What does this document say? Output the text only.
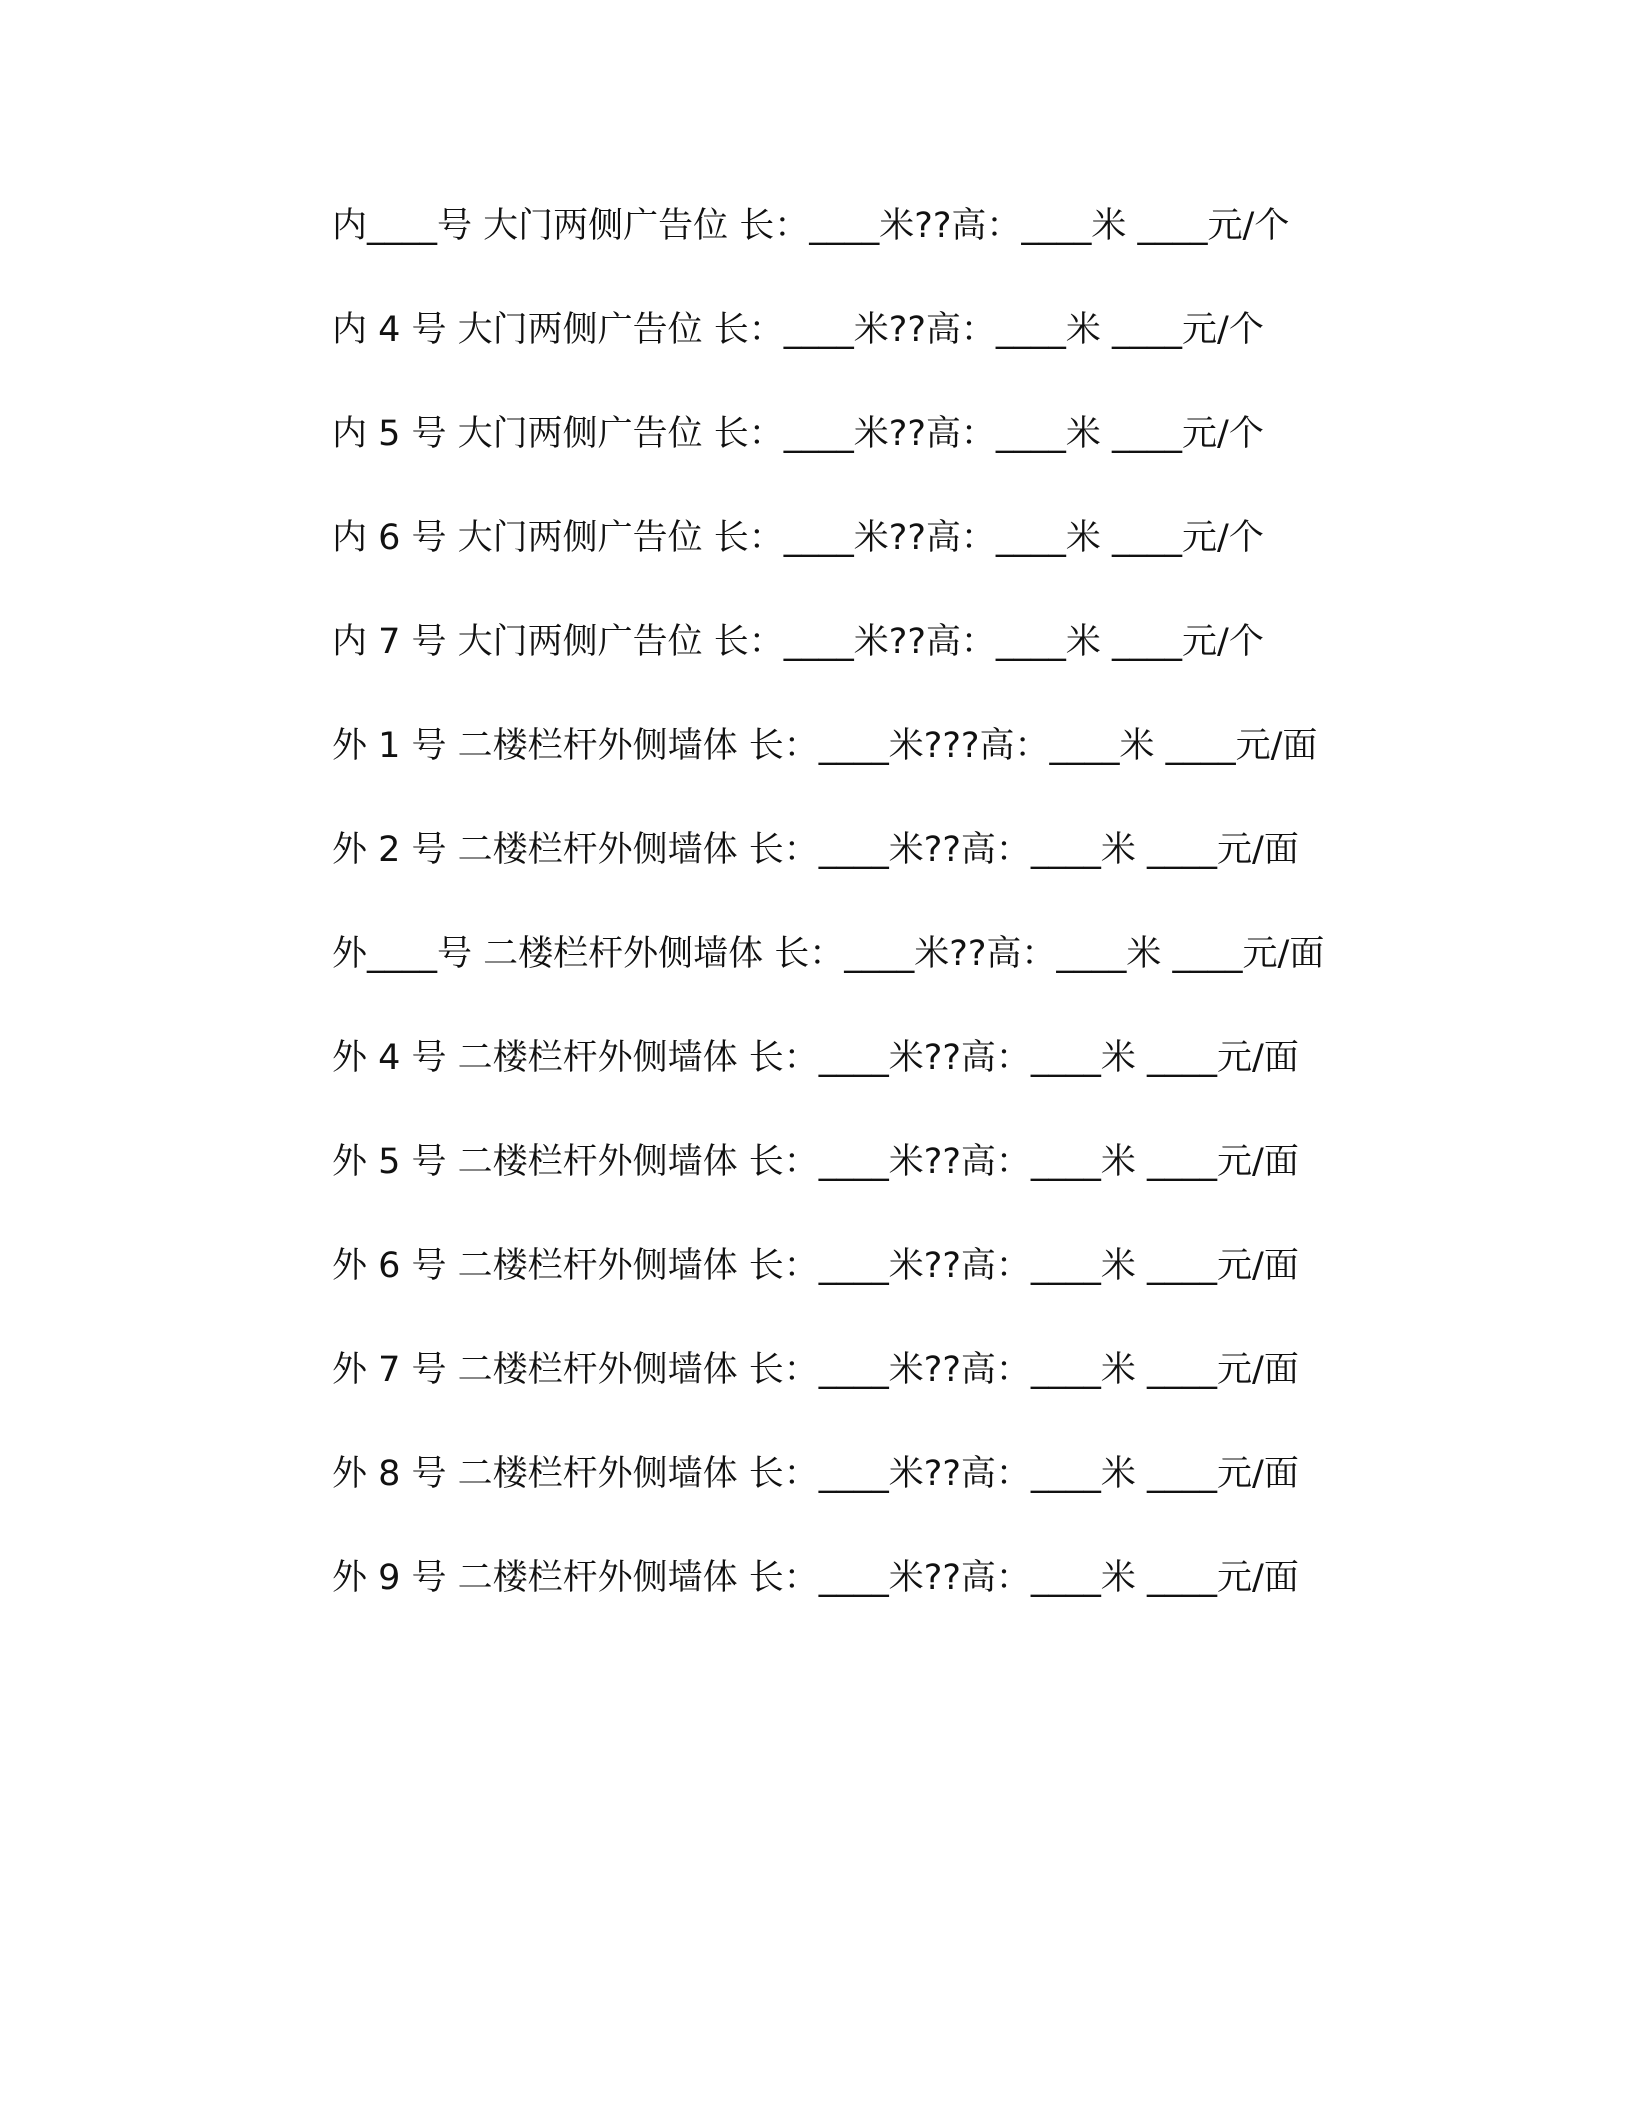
内____号 大门两侧广告位 长：____米??高：____米 ____元/个

内 4 号 大门两侧广告位 长：____米??高：____米 ____元/个

内 5 号 大门两侧广告位 长：____米??高：____米 ____元/个

内 6 号 大门两侧广告位 长：____米??高：____米 ____元/个

内 7 号 大门两侧广告位 长：____米??高：____米 ____元/个

外 1 号 二楼栏杆外侧墙体 长：____米???高：____米 ____元/面

外 2 号 二楼栏杆外侧墙体 长：____米??高：____米 ____元/面

外____号 二楼栏杆外侧墙体 长：____米??高：____米 ____元/面

外 4 号 二楼栏杆外侧墙体 长：____米??高：____米 ____元/面

外 5 号 二楼栏杆外侧墙体 长：____米??高：____米 ____元/面

外 6 号 二楼栏杆外侧墙体 长：____米??高：____米 ____元/面

外 7 号 二楼栏杆外侧墙体 长：____米??高：____米 ____元/面

外 8 号 二楼栏杆外侧墙体 长：____米??高：____米 ____元/面

外 9 号 二楼栏杆外侧墙体 长：____米??高：____米 ____元/面
